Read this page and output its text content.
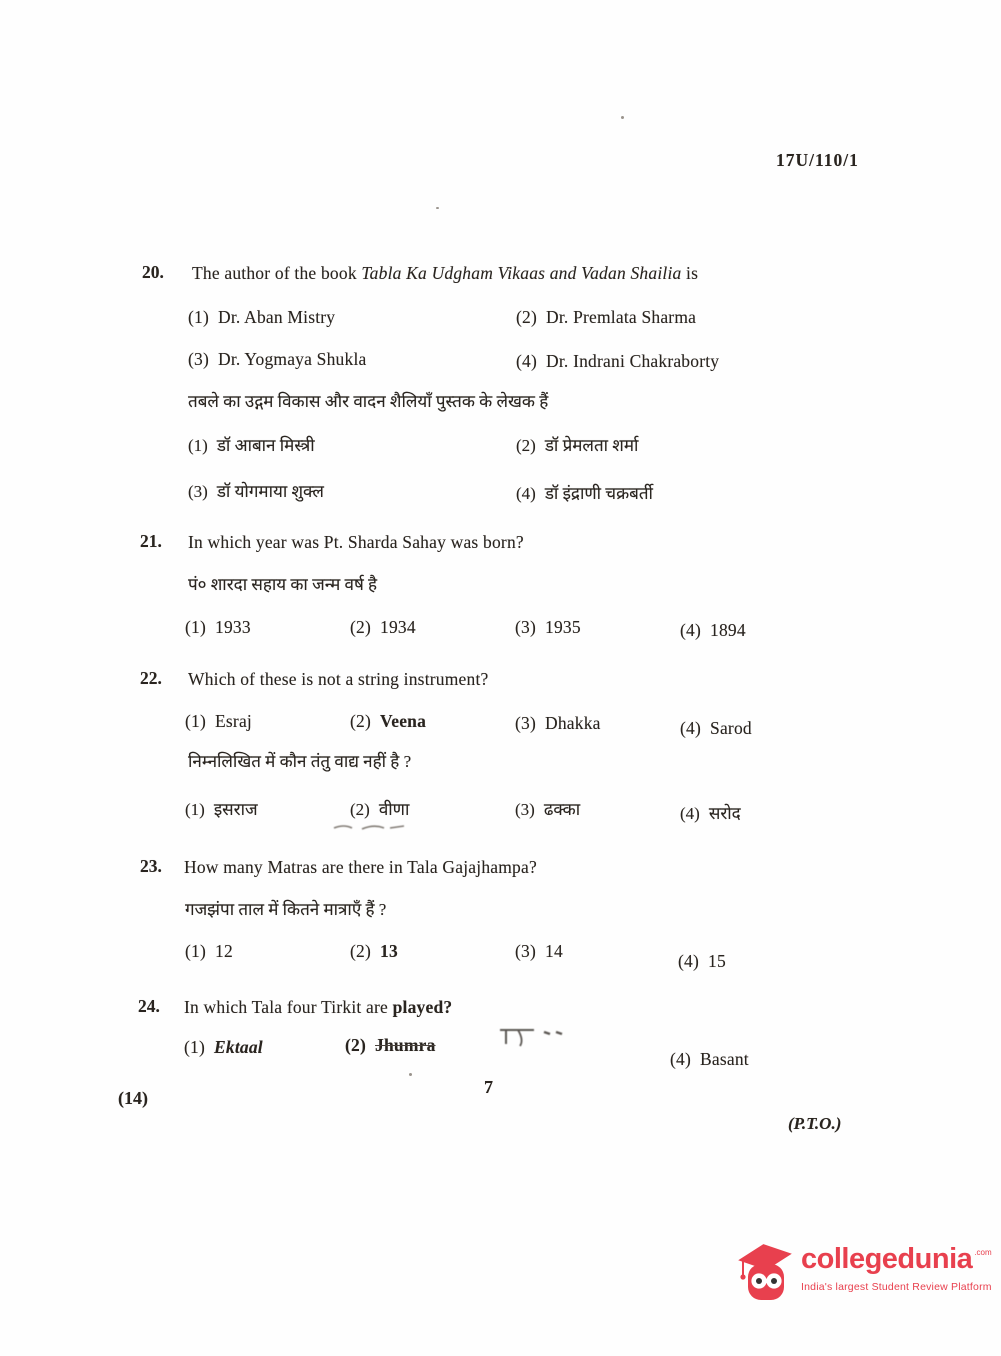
17U/110/1
20. The author of the book Tabla Ka Udgham Vikaas and Vadan Shailia is
(1) Dr. Aban Mistry	(2) Dr. Premlata Sharma
(3) Dr. Yogmaya Shukla	(4) Dr. Indrani Chakraborty
तबले का उद्गम विकास और वादन शैलियाँ पुस्तक के लेखक हैं
(1) डॉ आबान मिस्त्री	(2) डॉ प्रेमलता शर्मा
(3) डॉ योगमाया शुक्ल	(4) डॉ इंद्राणी चक्रबर्ती
21. In which year was Pt. Sharda Sahay was born?
पं० शारदा सहाय का जन्म वर्ष है
(1) 1933	(2) 1934	(3) 1935	(4) 1894
22. Which of these is not a string instrument?
(1) Esraj	(2) Veena	(3) Dhakka	(4) Sarod
निम्नलिखित में कौन तंतु वाद्य नहीं है ?
(1) इसराज	(2) वीणा	(3) ढक्का	(4) सरोद
23. How many Matras are there in Tala Gajajhampa?
गजझंपा ताल में कितने मात्राएँ हैं ?
(1) 12	(2) 13	(3) 14	(4) 15
24. In which Tala four Tirkit are played?
(1) Ektaal	(2) Jhumra
(4) Basant
(14)
7
(P.T.O.)
collegedunia .com
India's largest Student Review Platform
